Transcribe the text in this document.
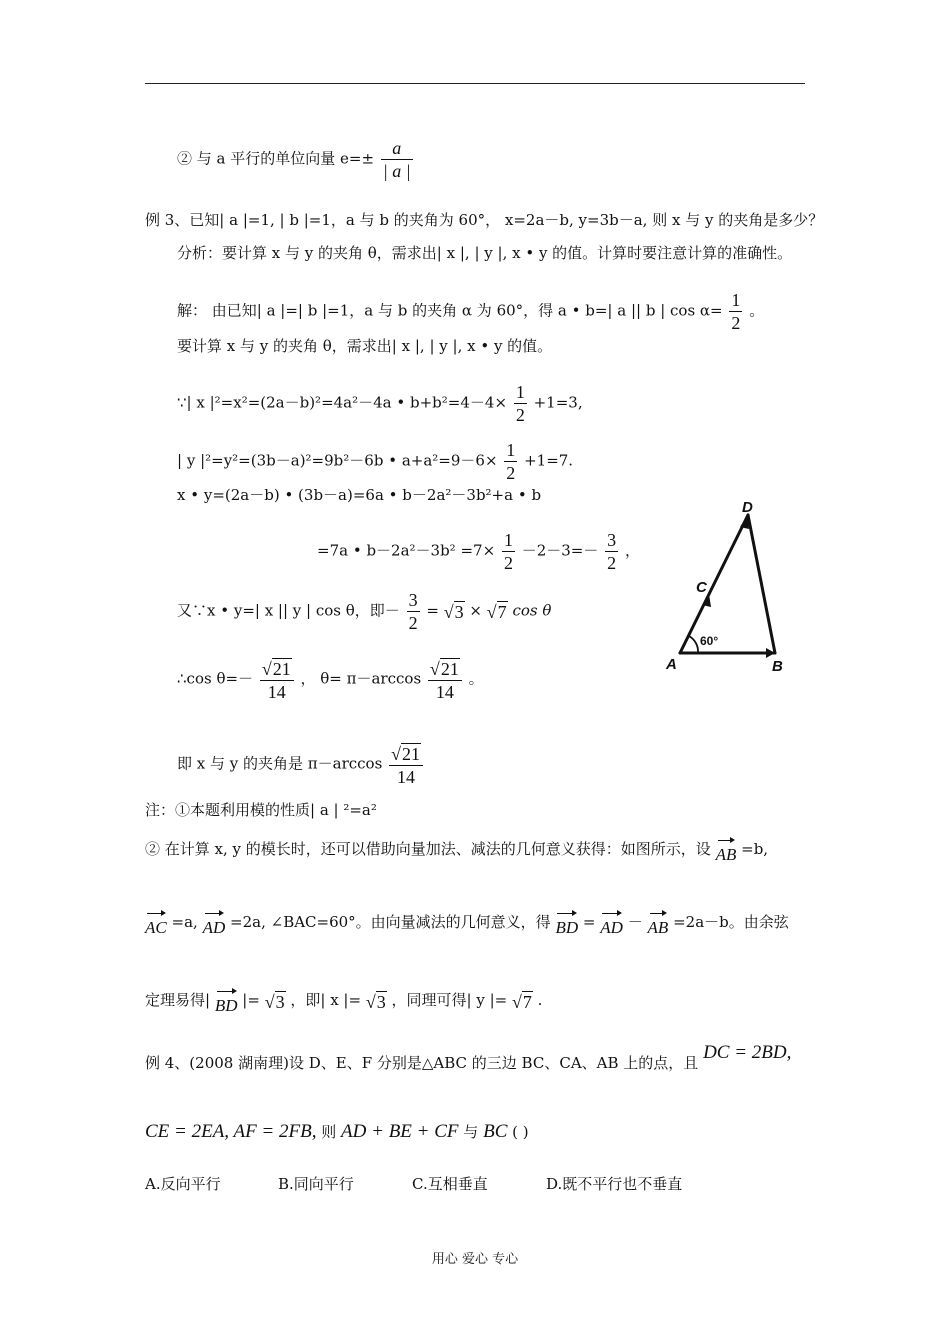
② 与 a 平行的单位向量 $e=\pm \frac{a}{| a |}$
例 3、已知| a |=1, | b |=1，a 与 b 的夹角为 60°， x=2a－b, y=3b－a, 则 x 与 y 的夹角是多少？
分析：要计算 x 与 y 的夹角 θ，需求出| x |, | y |, x • y 的值。计算时要注意计算的准确性。
解： 由已知| a |=| b |=1，a 与 b 的夹角 α 为 60°，得 a • b=| a || b | $\cos \alpha= \frac{1}{2}$ 。
要计算 x 与 y 的夹角 θ，需求出| x |, | y |, x • y 的值。
∵| x |²=x²=(2a－b)²=4a²－4a • $b+b^2=4-4\times \frac{1}{2} +1=3$,
| y |²=y²=(3b－a)²=9b²－6b • $a+a^2=9-6\times \frac{1}{2} +1=7$.
x • y=(2a－b) • (3b－a)=6a • b－2a²－3b²+a • b
=7a • $b-2a^2-3b^2 =7\times \frac{1}{2} -2-3=- \frac{3}{2}$ ，
又∵x • y=| x || y | cos θ，即－ $\frac{3}{2} = √3 \times √7$ cos θ
∴cos $\theta=- \frac{√21}{14}$ ， $\theta= \pi-\arccos \frac{√21}{14}$ 。
即 x 与 y 的夹角是 $\pi-\arccos \frac{√21}{14}$
注：①本题利用模的性质| a | ²=a²
② 在计算 x, y 的模长时，还可以借助向量加法、减法的几何意义获得：如图所示，设 AB =b,
AC =a, AD =2a, ∠BAC=60°。由向量减法的几何意义，得 BD = AD － AB =2a－b。由余弦
定理易得| BD |= √3 ，即| x |= √3 ，同理可得| y |= √7 .
例 4、(2008 湖南理)设 D、E、F 分别是△ABC 的三边 BC、CA、AB 上的点，且 DC = 2BD,
CE = 2EA, AF = 2FB, 则 AD + BE + CF 与 BC ( )
A.反向平行	B.同向平行	C.互相垂直	D.既不平行也不垂直
A	B
C
D
60°
用心 爱心 专心
